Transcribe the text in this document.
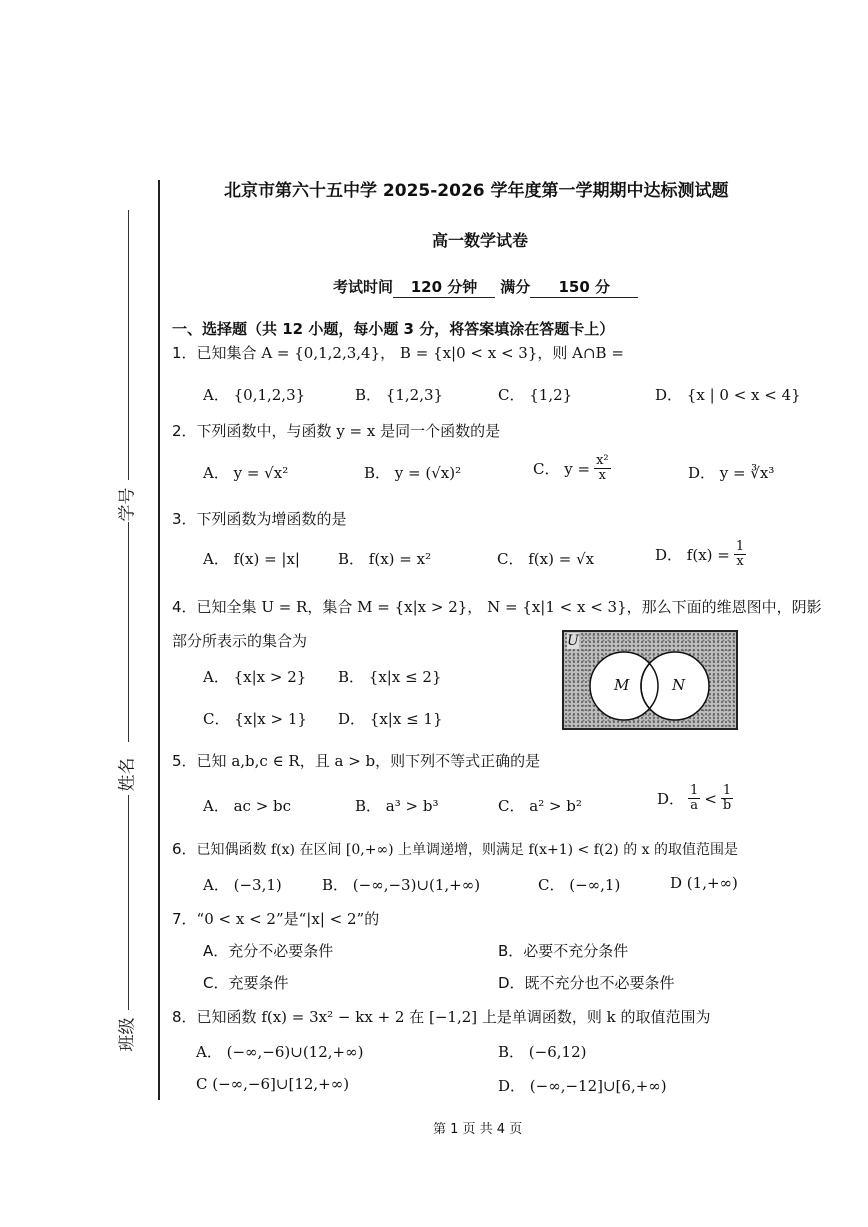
学号
姓名
班级
北京市第六十五中学 2025-2026 学年度第一学期期中达标测试题
高一数学试卷
考试时间 120 分钟 满分 150 分
一、选择题（共 12 小题，每小题 3 分，将答案填涂在答题卡上）
1．已知集合 A = {0,1,2,3,4}， B = {x|0 < x < 3}，则 A∩B =
A． {0,1,2,3}	B． {1,2,3}	C． {1,2}	D． {x | 0 < x < 4}
2．下列函数中，与函数 y = x 是同一个函数的是
A． y = √x²	B． y = (√x)²	C． $y = \frac{\text{x²}}{x}$	D． y = ∛x³
3．下列函数为增函数的是
A． f(x) = |x|	B． f(x) = x²	C． f(x) = √x	D． $f(x) = \frac{1}{x}$
4．已知全集 U = R，集合 M = {x|x > 2}， N = {x|1 < x < 3}，那么下面的维恩图中，阴影
部分所表示的集合为
A． {x|x > 2} B． {x|x ≤ 2}
C． {x|x > 1} D． {x|x ≤ 1}
U
M	N
5．已知 a,b,c ∈ R，且 a > b，则下列不等式正确的是
A． ac > bc	B． a³ > b³	C． a² > b²	D． $\frac{1}{a} < \frac{1}{b}$
6．已知偶函数 f(x) 在区间 [0,+∞) 上单调递增，则满足 f(x+1) < f(2) 的 x 的取值范围是
A． (−3,1)	B． (−∞,−3)∪(1,+∞)	C． (−∞,1)	D (1,+∞)
7．“0 < x < 2”是“|x| < 2”的
A．充分不必要条件	B．必要不充分条件
C．充要条件	D．既不充分也不必要条件
8．已知函数 f(x) = 3x² − kx + 2 在 [−1,2] 上是单调函数，则 k 的取值范围为
A． (−∞,−6)∪(12,+∞)	B． (−6,12)
C (−∞,−6]∪[12,+∞)	D． (−∞,−12]∪[6,+∞)
第 1 页 共 4 页
